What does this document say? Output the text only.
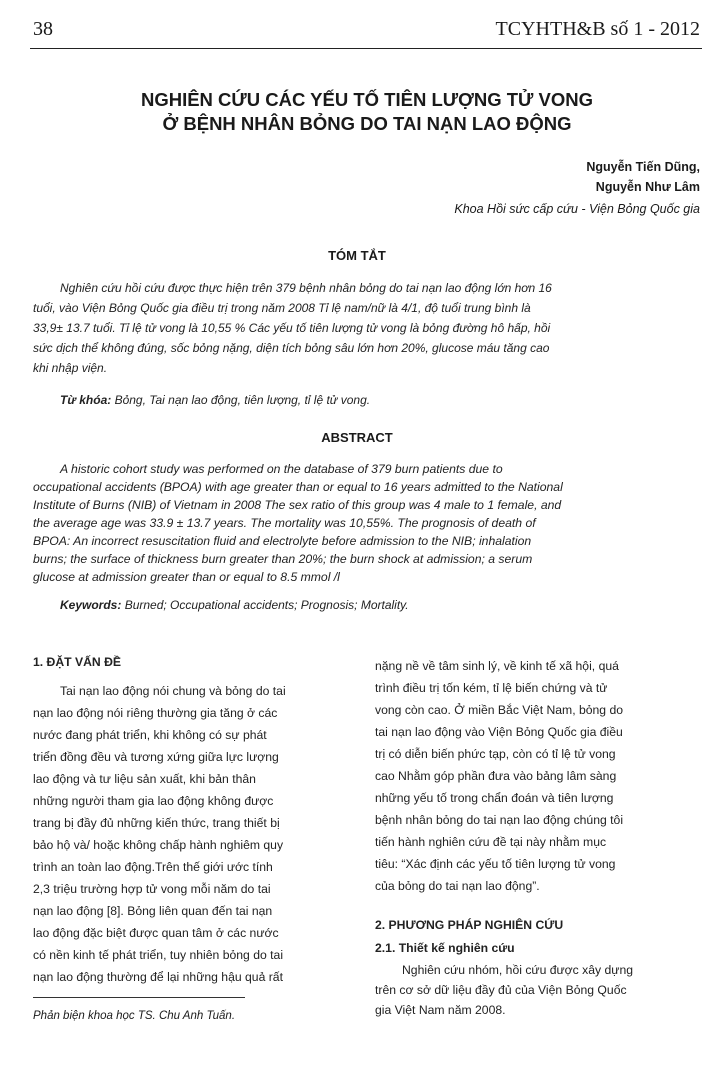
38	TCYHTH&B số 1 - 2012
NGHIÊN CỨU CÁC YẾU TỐ TIÊN LƯỢNG TỬ VONG
Ở BỆNH NHÂN BỎNG DO TAI NẠN LAO ĐỘNG
Nguyễn Tiến Dũng,
Nguyễn Như Lâm
Khoa Hồi sức cấp cứu - Viện Bỏng Quốc gia
TÓM TẮT
Nghiên cứu hồi cứu được thực hiện trên 379 bệnh nhân bỏng do tai nạn lao động lớn hơn 16
tuổi, vào Viện Bỏng Quốc gia điều trị trong năm 2008 Tỉ lệ nam/nữ là 4/1, độ tuổi trung bình là
33,9± 13.7 tuổi. Tỉ lệ tử vong là 10,55 % Các yếu tố tiên lượng tử vong là bỏng đường hô hấp, hồi
sức dịch thể không đúng, sốc bỏng nặng, diện tích bỏng sâu lớn hơn 20%, glucose máu tăng cao
khi nhập viện.
Từ khóa: Bỏng, Tai nạn lao động, tiên lượng, tỉ lệ tử vong.
ABSTRACT
A historic cohort study was performed on the database of 379 burn patients due to
occupational accidents (BPOA) with age greater than or equal to 16 years admitted to the National
Institute of Burns (NIB) of Vietnam in 2008 The sex ratio of this group was 4 male to 1 female, and
the average age was 33.9 ± 13.7 years. The mortality was 10,55%. The prognosis of death of
BPOA: An incorrect resuscitation fluid and electrolyte before admission to the NIB; inhalation
burns; the surface of thickness burn greater than 20%; the burn shock at admission; a serum
glucose at admission greater than or equal to 8.5 mmol /l
Keywords: Burned; Occupational accidents; Prognosis; Mortality.
1. ĐẶT VẤN ĐỀ
Tai nạn lao động nói chung và bỏng do tai
nạn lao động nói riêng thường gia tăng ở các
nước đang phát triển, khi không có sự phát
triển đồng đều và tương xứng giữa lực lượng
lao động và tư liệu sản xuất, khi bản thân
những người tham gia lao động không được
trang bị đầy đủ những kiến thức, trang thiết bị
bảo hộ và/ hoặc không chấp hành nghiêm quy
trình an toàn lao động.Trên thế giới ước tính
2,3 triệu trường hợp tử vong mỗi năm do tai
nạn lao động [8]. Bỏng liên quan đến tai nạn
lao động đặc biệt được quan tâm ở các nước
có nền kinh tế phát triển, tuy nhiên bỏng do tai
nạn lao động thường để lại những hậu quả rất
nặng nề về tâm sinh lý, về kinh tế xã hội, quá
trình điều trị tốn kém, tỉ lệ biến chứng và tử
vong còn cao. Ở miền Bắc Việt Nam, bỏng do
tai nạn lao động vào Viện Bỏng Quốc gia điều
trị có diễn biến phức tạp, còn có tỉ lệ tử vong
cao Nhằm góp phần đưa vào bảng lâm sàng
những yếu tố trong chẩn đoán và tiên lượng
bệnh nhân bỏng do tai nạn lao động chúng tôi
tiến hành nghiên cứu đề tại này nhằm mục
tiêu: “Xác định các yếu tố tiên lượng tử vong
của bỏng do tai nạn lao động”.
2. PHƯƠNG PHÁP NGHIÊN CỨU
2.1. Thiết kế nghiên cứu
Nghiên cứu nhóm, hồi cứu được xây dựng
trên cơ sở dữ liệu đầy đủ của Viện Bỏng Quốc
gia Việt Nam năm 2008.
Phản biện khoa học TS. Chu Anh Tuấn.
